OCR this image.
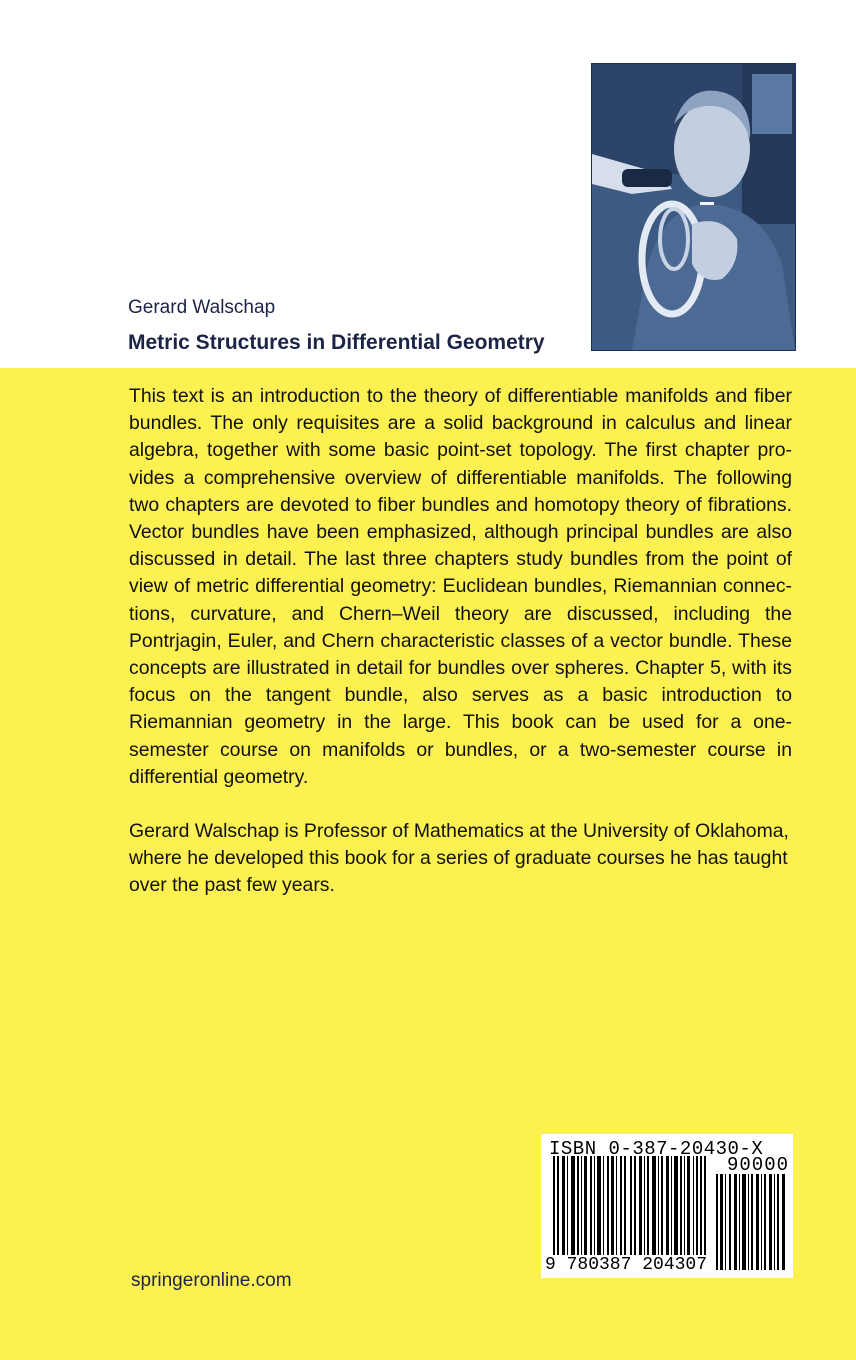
Gerard Walschap
Metric Structures in Differential Geometry

This text is an introduction to the theory of differentiable manifolds and fiber bundles. The only requisites are a solid background in calculus and linear algebra, together with some basic point-set topology. The first chapter provides a comprehensive overview of differentiable manifolds. The following two chapters are devoted to fiber bundles and homotopy theory of fibrations. Vector bundles have been emphasized, although principal bundles are also discussed in detail. The last three chapters study bundles from the point of view of metric differential geometry: Euclidean bundles, Riemannian connections, curvature, and Chern–Weil theory are discussed, including the Pontrjagin, Euler, and Chern characteristic classes of a vector bundle. These concepts are illustrated in detail for bundles over spheres. Chapter 5, with its focus on the tangent bundle, also serves as a basic introduction to Riemannian geometry in the large. This book can be used for a one-semester course on manifolds or bundles, or a two-semester course in differential geometry.

Gerard Walschap is Professor of Mathematics at the University of Oklahoma, where he developed this book for a series of graduate courses he has taught over the past few years.

ISBN 0-387-20430-X
90000
9 780387 204307
springeronline.com
